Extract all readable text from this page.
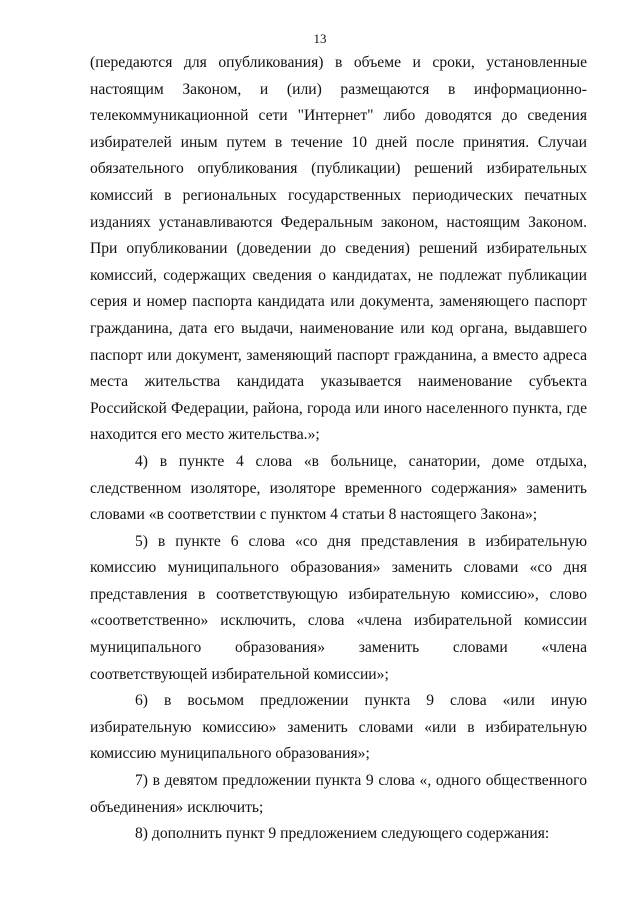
13

(передаются для опубликования) в объеме и сроки, установленные настоящим Законом, и (или) размещаются в информационно-телекоммуникационной сети "Интернет" либо доводятся до сведения избирателей иным путем в течение 10 дней после принятия. Случаи обязательного опубликования (публикации) решений избирательных комиссий в региональных государственных периодических печатных изданиях устанавливаются Федеральным законом, настоящим Законом. При опубликовании (доведении до сведения) решений избирательных комиссий, содержащих сведения о кандидатах, не подлежат публикации серия и номер паспорта кандидата или документа, заменяющего паспорт гражданина, дата его выдачи, наименование или код органа, выдавшего паспорт или документ, заменяющий паспорт гражданина, а вместо адреса места жительства кандидата указывается наименование субъекта Российской Федерации, района, города или иного населенного пункта, где находится его место жительства.»;

4) в пункте 4 слова «в больнице, санатории, доме отдыха, следственном изоляторе, изоляторе временного содержания» заменить словами «в соответствии с пунктом 4 статьи 8 настоящего Закона»;

5) в пункте 6 слова «со дня представления в избирательную комиссию муниципального образования» заменить словами «со дня представления в соответствующую избирательную комиссию», слово «соответственно» исключить, слова «члена избирательной комиссии муниципального образования» заменить словами «члена соответствующей избирательной комиссии»;

6) в восьмом предложении пункта 9 слова «или иную избирательную комиссию» заменить словами «или в избирательную комиссию муниципального образования»;

7) в девятом предложении пункта 9 слова «, одного общественного объединения» исключить;

8) дополнить пункт 9 предложением следующего содержания:
